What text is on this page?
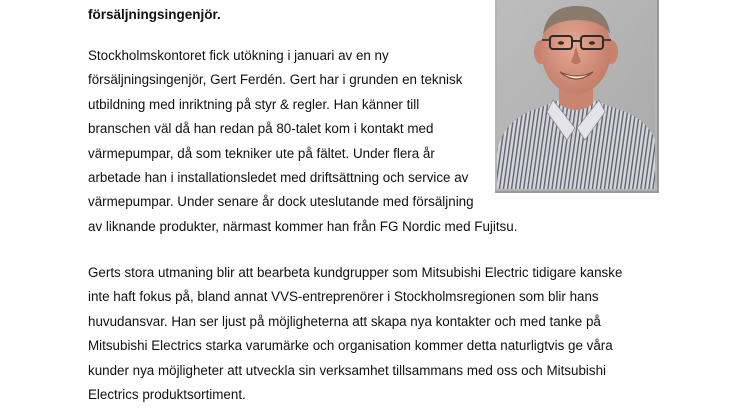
försäljningsingenjör.

Stockholmskontoret fick utökning i januari av en ny
försäljningsingenjör, Gert Ferdén. Gert har i grunden en teknisk
utbildning med inriktning på styr & regler. Han känner till
branschen väl då han redan på 80-talet kom i kontakt med
värmepumpar, då som tekniker ute på fältet. Under flera år
arbetade han i installationsledet med driftsättning och service av
värmepumpar. Under senare år dock uteslutande med försäljning
av liknande produkter, närmast kommer han från FG Nordic med Fujitsu.

Gerts stora utmaning blir att bearbeta kundgrupper som Mitsubishi Electric tidigare kanske
inte haft fokus på, bland annat VVS-entreprenörer i Stockholmsregionen som blir hans
huvudansvar. Han ser ljust på möjligheterna att skapa nya kontakter och med tanke på
Mitsubishi Electrics starka varumärke och organisation kommer detta naturligtvis ge våra
kunder nya möjligheter att utveckla sin verksamhet tillsammans med oss och Mitsubishi
Electrics produktsortiment.
